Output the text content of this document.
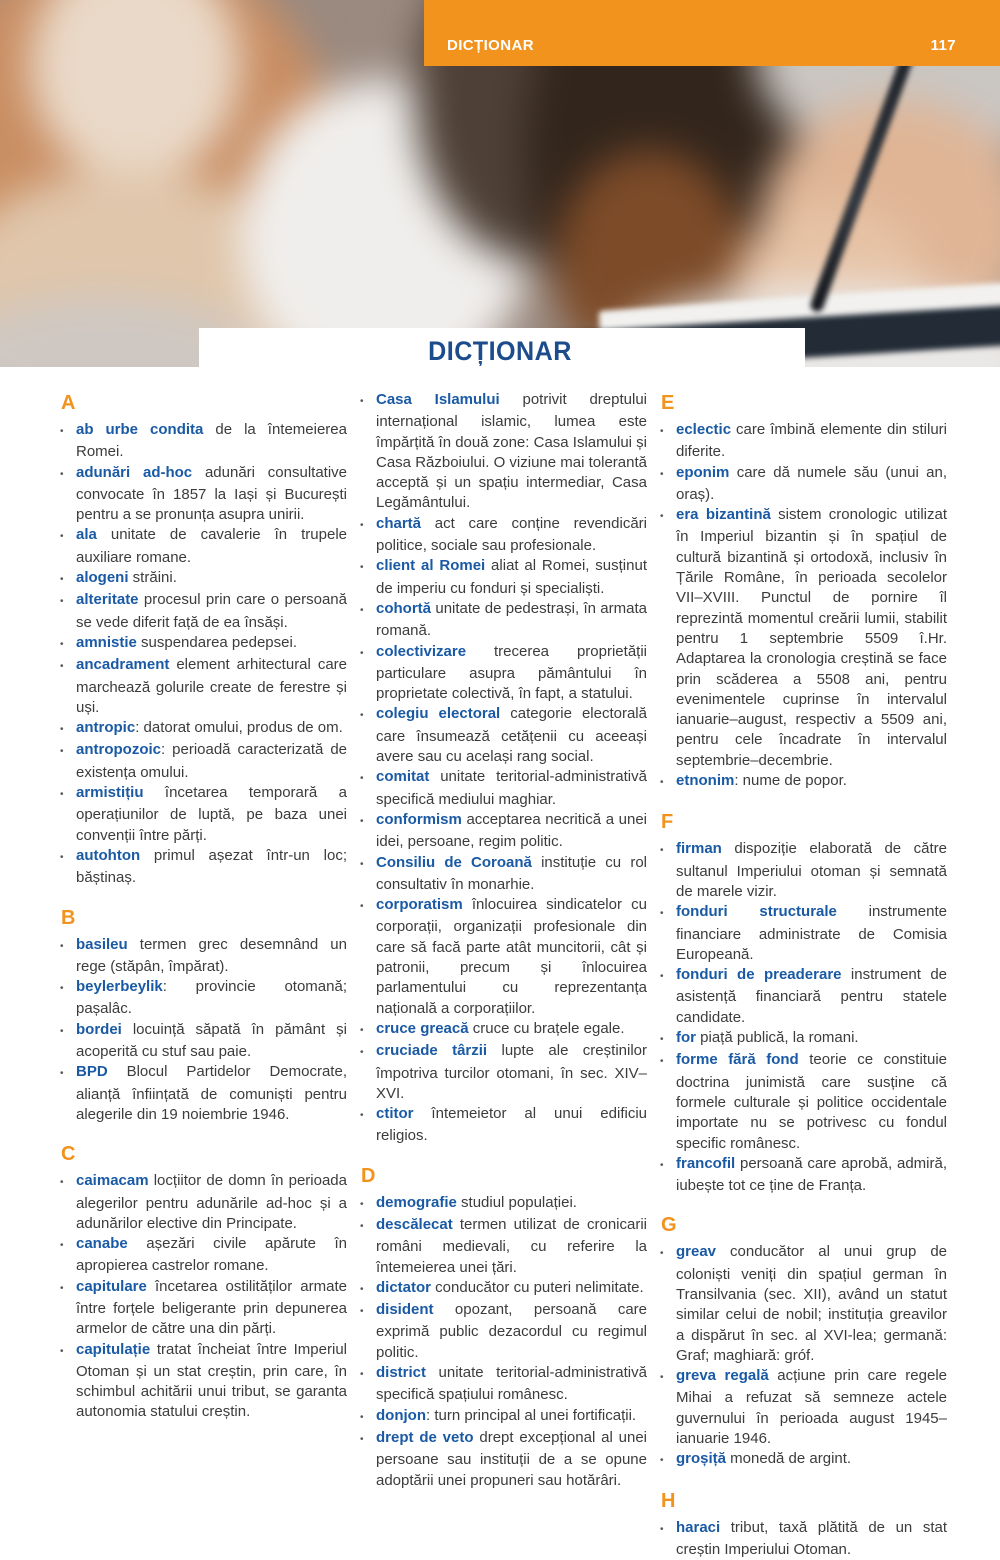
DICȚIONAR	117
DICȚIONAR
A

• ab urbe condita de la întemeierea Romei.

• adunări ad-hoc adunări consultative convocate în 1857 la Iași și București pentru a se pronunța asupra unirii.

• ala unitate de cavalerie în trupele auxiliare romane.

• alogeni străini.

• alteritate procesul prin care o persoană se vede diferit față de ea însăși.

• amnistie suspendarea pedepsei.

• ancadrament element arhitectural care marchează golurile create de ferestre și uși.

• antropic: datorat omului, produs de om.

• antropozoic: perioadă caracterizată de existența omului.

• armistițiu încetarea temporară a operațiunilor de luptă, pe baza unei convenții între părți.

• autohton primul așezat într-un loc; băștinaș.

B

• basileu termen grec desemnând un rege (stăpân, împărat).

• beylerbeylik: provincie otomană; pașalâc.

• bordei locuință săpată în pământ și acoperită cu stuf sau paie.

• BPD Blocul Partidelor Democrate, alianță înființată de comuniști pentru alegerile din 19 noiembrie 1946.

C

• caimacam locțiitor de domn în perioada alegerilor pentru adunările ad-hoc și a adunărilor elective din Principate.

• canabe așezări civile apărute în apropierea castrelor romane.

• capitulare încetarea ostilităților armate între forțele beligerante prin depunerea armelor de către una din părți.

• capitulație tratat încheiat între Imperiul Otoman și un stat creștin, prin care, în schimbul achitării unui tribut, se garanta autonomia statului creștin.

• Casa Islamului potrivit dreptului internațional islamic, lumea este împărțită în două zone: Casa Islamului și Casa Războiului. O viziune mai tolerantă acceptă și un spațiu intermediar, Casa Legământului.

• chartă act care conține revendicări politice, sociale sau profesionale.

• client al Romei aliat al Romei, susținut de imperiu cu fonduri și specialiști.

• cohortă unitate de pedestrași, în armata romană.

• colectivizare trecerea proprietății particulare asupra pământului în proprietate colectivă, în fapt, a statului.

• colegiu electoral categorie electorală care însumează cetățenii cu aceeași avere sau cu același rang social.

• comitat unitate teritorial-administrativă specifică mediului maghiar.

• conformism acceptarea necritică a unei idei, persoane, regim politic.

• Consiliu de Coroană instituție cu rol consultativ în monarhie.

• corporatism înlocuirea sindicatelor cu corporații, organizații profesionale din care să facă parte atât muncitorii, cât și patronii, precum și înlocuirea parlamentului cu reprezentanța națională a corporațiilor.

• cruce greacă cruce cu brațele egale.

• cruciade târzii lupte ale creștinilor împotriva turcilor otomani, în sec. XIV–XVI.

• ctitor întemeietor al unui edificiu religios.

D

• demografie studiul populației.

• descălecat termen utilizat de cronicarii români medievali, cu referire la întemeierea unei țări.

• dictator conducător cu puteri nelimitate.

• disident opozant, persoană care exprimă public dezacordul cu regimul politic.

• district unitate teritorial-administrativă specifică spațiului românesc.

• donjon: turn principal al unei fortificații.

• drept de veto drept excepțional al unei persoane sau instituții de a se opune adoptării unei propuneri sau hotărâri.

E

• eclectic care îmbină elemente din stiluri diferite.

• eponim care dă numele său (unui an, oraș).

• era bizantină sistem cronologic utilizat în Imperiul bizantin și în spațiul de cultură bizantină și ortodoxă, inclusiv în Țările Române, în perioada secolelor VII–XVIII. Punctul de pornire îl reprezintă momentul creării lumii, stabilit pentru 1 septembrie 5509 î.Hr. Adaptarea la cronologia creștină se face prin scăderea a 5508 ani, pentru evenimentele cuprinse în intervalul ianuarie–august, respectiv a 5509 ani, pentru cele încadrate în intervalul septembrie–decembrie.

• etnonim: nume de popor.

F

• firman dispoziție elaborată de către sultanul Imperiului otoman și semnată de marele vizir.

• fonduri structurale instrumente financiare administrate de Comisia Europeană.

• fonduri de preaderare instrument de asistență financiară pentru statele candidate.

• for piață publică, la romani.

• forme fără fond teorie ce constituie doctrina junimistă care susține că formele culturale și politice occidentale importate nu se potrivesc cu fondul specific românesc.

• francofil persoană care aprobă, admiră, iubește tot ce ține de Franța.

G

• greav conducător al unui grup de coloniști veniți din spațiul german în Transilvania (sec. XII), având un statut similar celui de nobil; instituția greavilor a dispărut în sec. al XVI-lea; germană: Graf; maghiară: gróf.

• greva regală acțiune prin care regele Mihai a refuzat să semneze actele guvernului în perioada august 1945–ianuarie 1946.

• groșiță monedă de argint.

H

• haraci tribut, taxă plătită de un stat creștin Imperiului Otoman.
